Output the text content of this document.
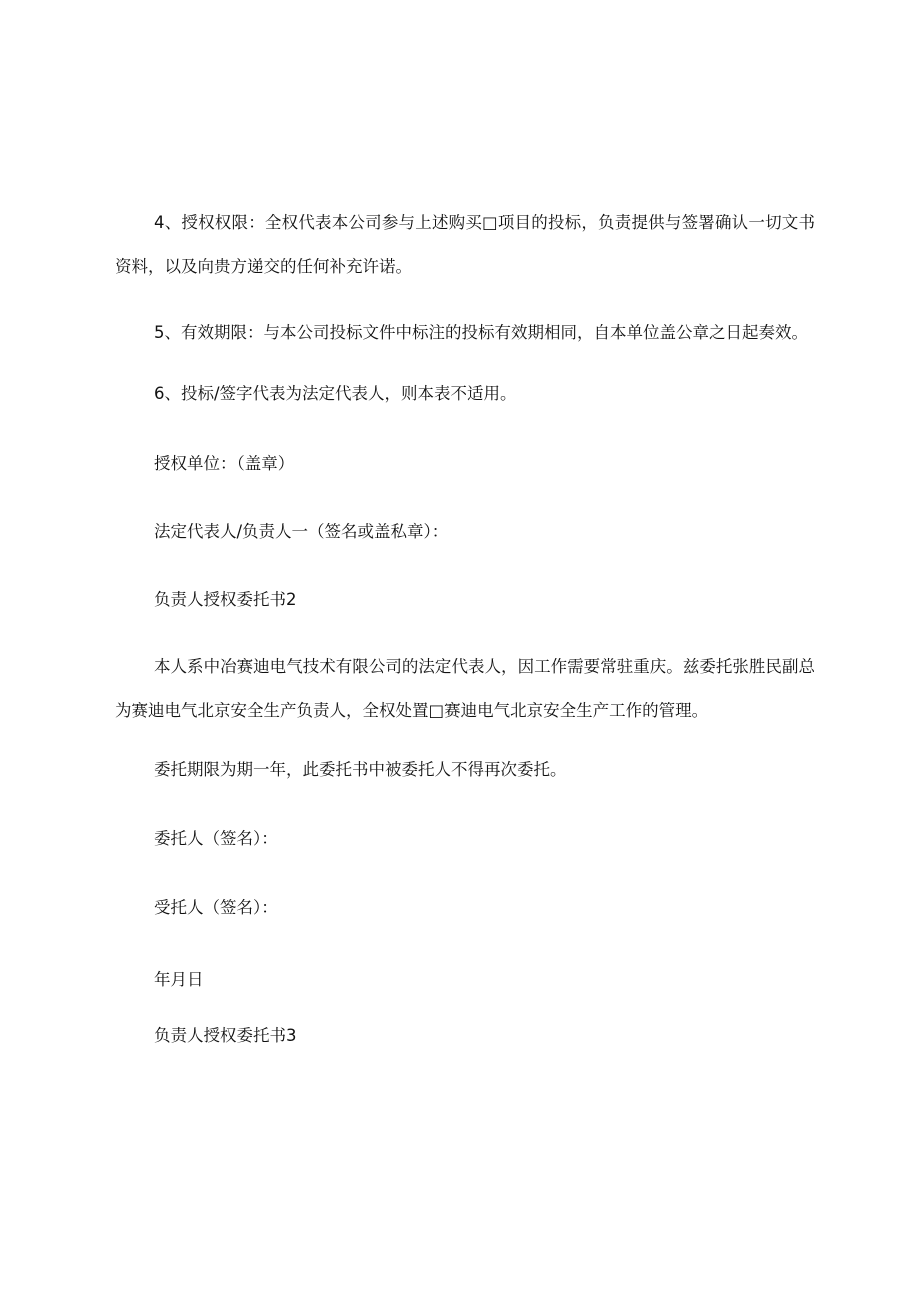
4、授权权限：全权代表本公司参与上述购买□项目的投标，负责提供与签署确认一切文书资料，以及向贵方递交的任何补充许诺。

5、有效期限：与本公司投标文件中标注的投标有效期相同，自本单位盖公章之日起奏效。

6、投标/签字代表为法定代表人，则本表不适用。

授权单位：（盖章）

法定代表人/负责人一（签名或盖私章）：

负责人授权委托书2

本人系中冶赛迪电气技术有限公司的法定代表人，因工作需要常驻重庆。兹委托张胜民副总为赛迪电气北京安全生产负责人，全权处置□赛迪电气北京安全生产工作的管理。

委托期限为期一年，此委托书中被委托人不得再次委托。

委托人（签名）：

受托人（签名）：

年月日

负责人授权委托书3
